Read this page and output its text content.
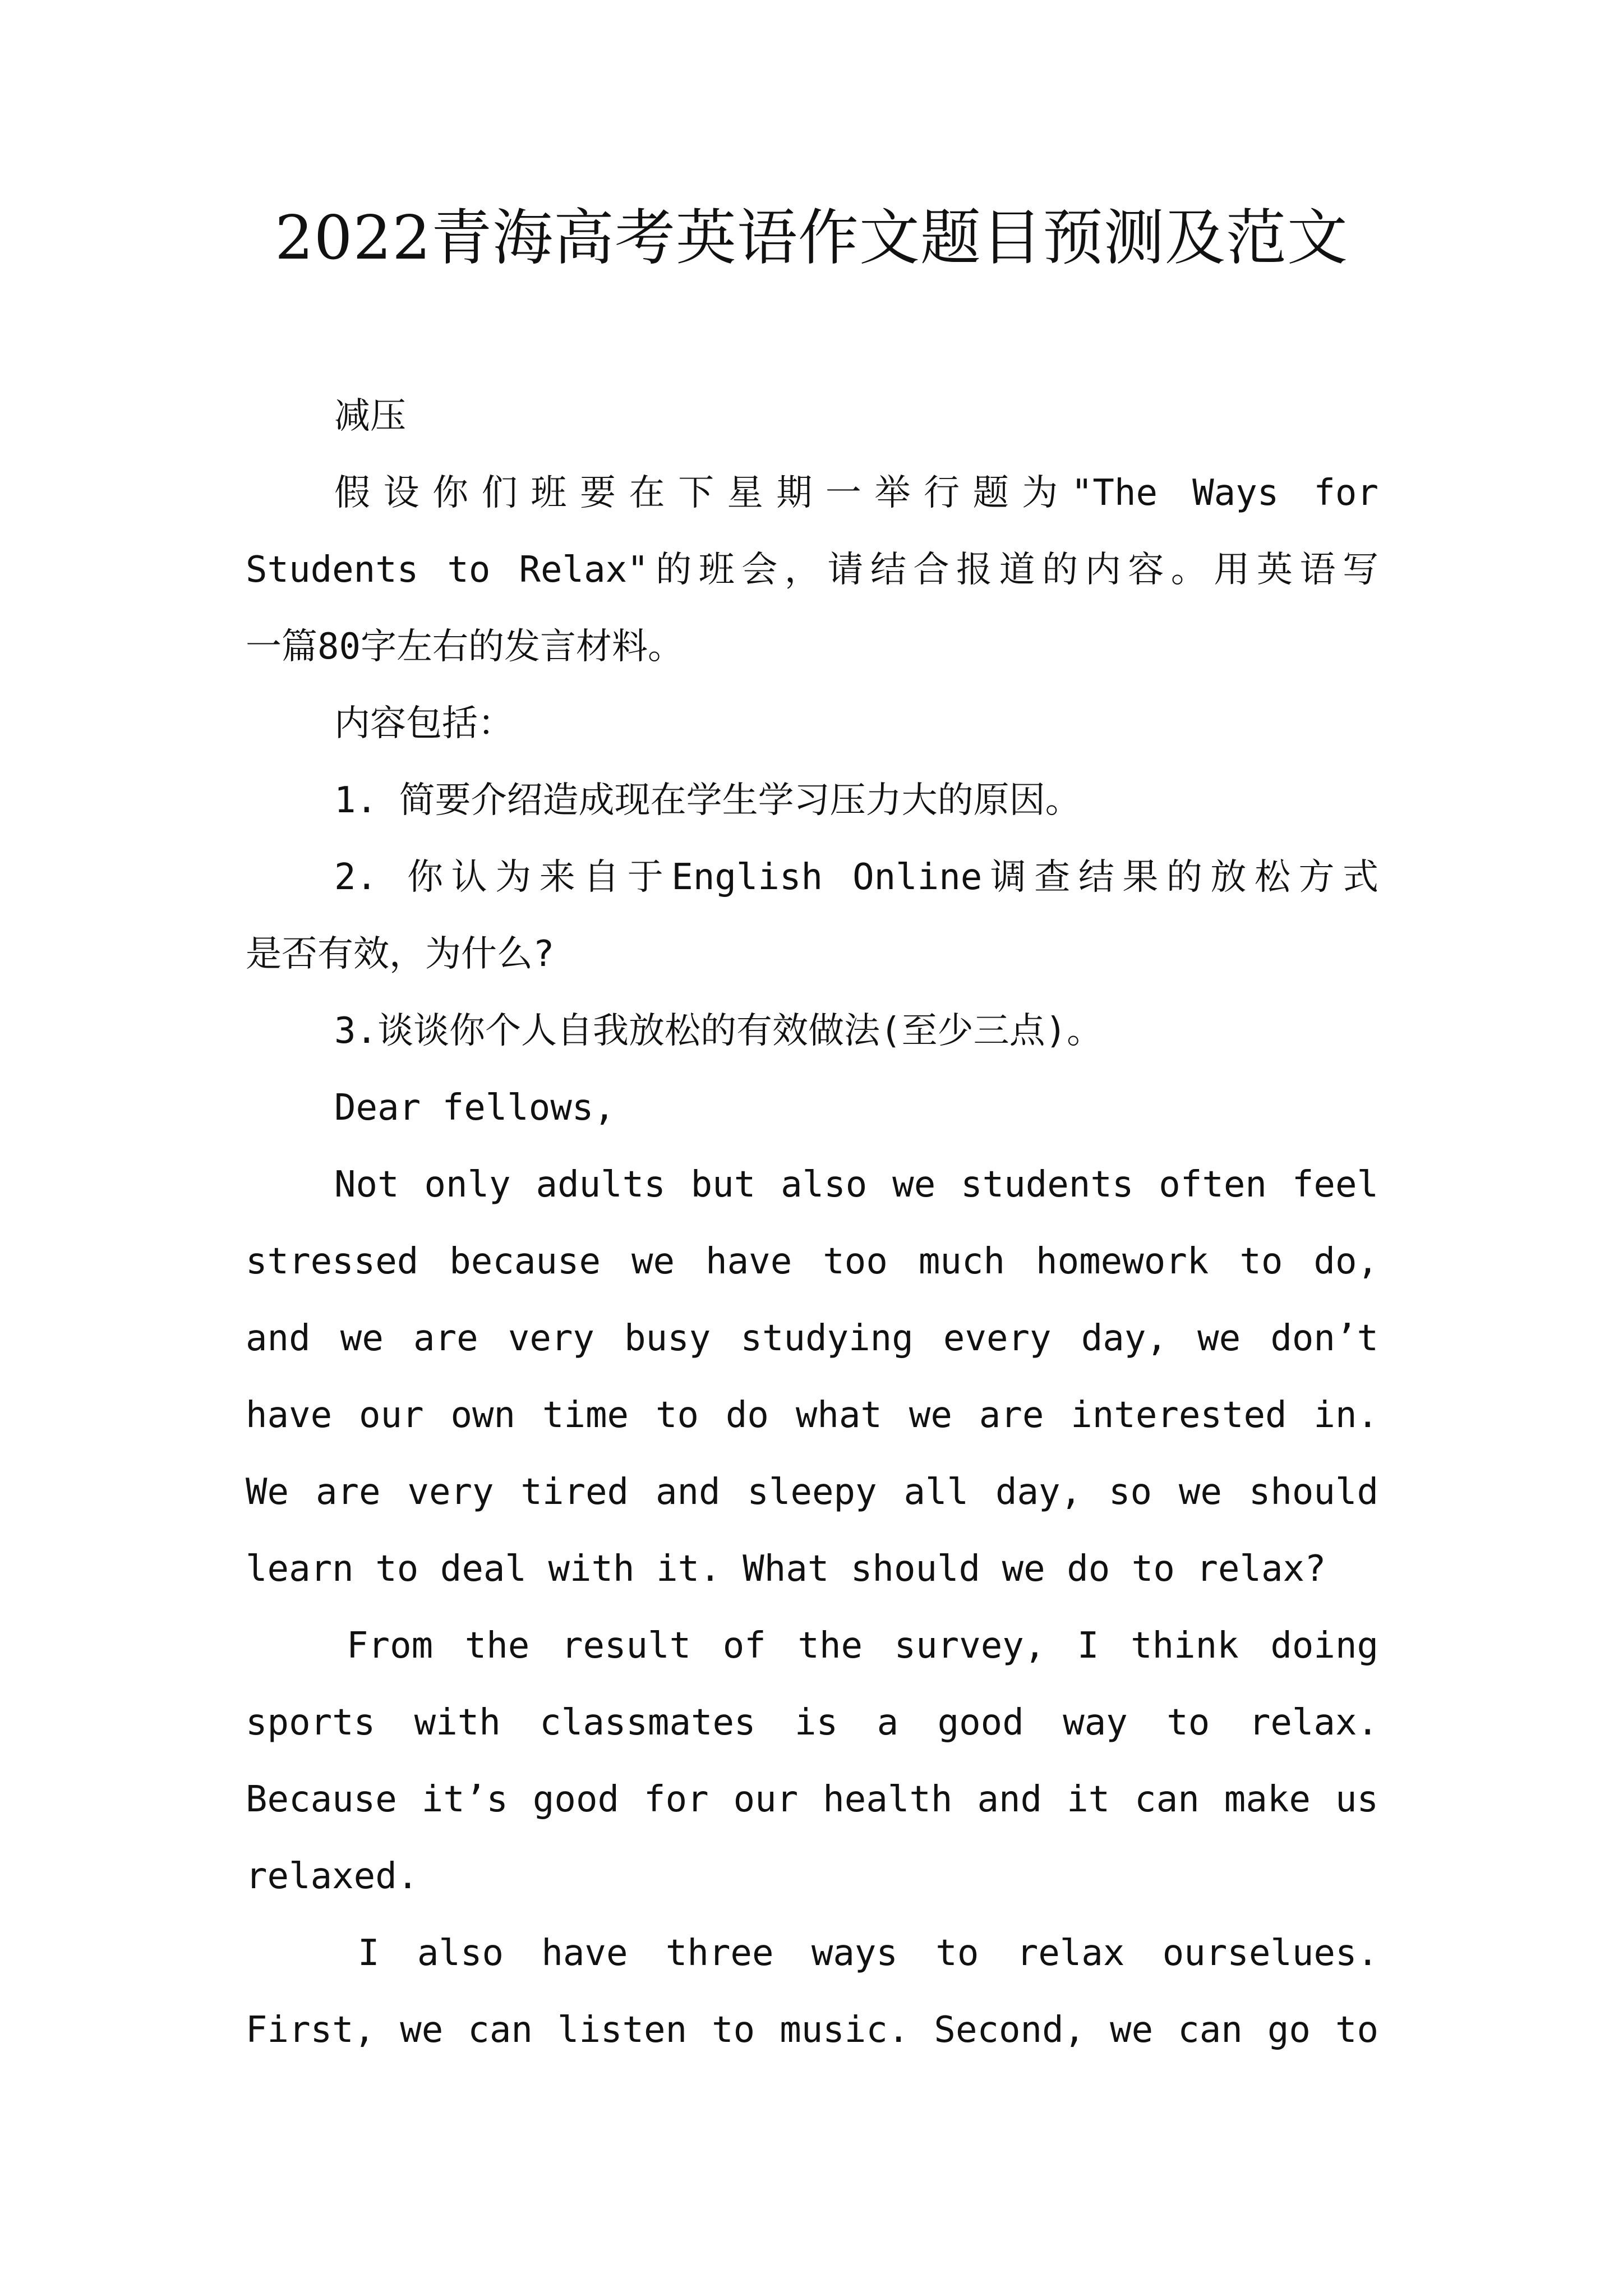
2022青海高考英语作文题目预测及范文
减压
假设你们班要在下星期一举行题为"The Ways for
Students to Relax"的班会，请结合报道的内容。用英语写
一篇80字左右的发言材料。
内容包括：
1. 简要介绍造成现在学生学习压力大的原因。
2. 你认为来自于English Online调查结果的放松方式
是否有效，为什么?
3.谈谈你个人自我放松的有效做法(至少三点)。
Dear fellows,
Not only adults but also we students often feel
stressed because we have too much homework to do,
and we are very busy studying every day, we don’t
have our own time to do what we are interested in.
We are very tired and sleepy all day, so we should
learn to deal with it. What should we do to relax?
From the result of the survey, I think doing
sports with classmates is a good way to relax.
Because it’s good for our health and it can make us
relaxed.
I also have three ways to relax ourselues.
First, we can listen to music. Second, we can go to
